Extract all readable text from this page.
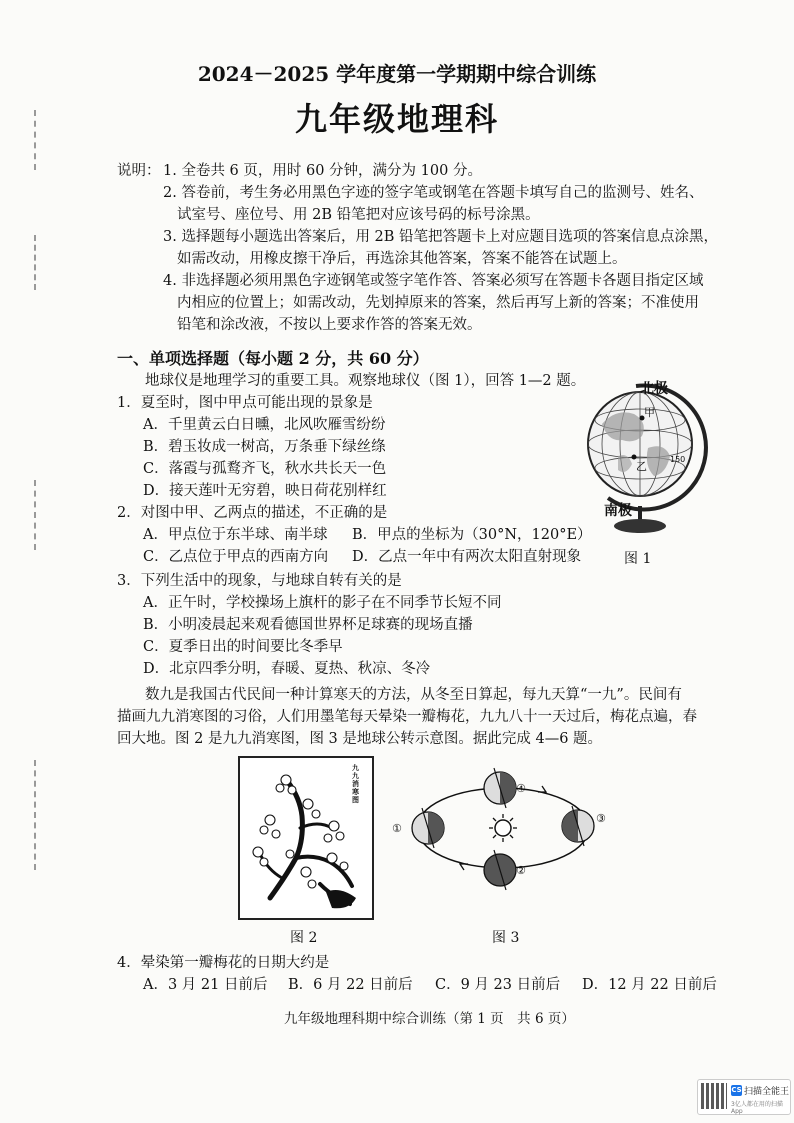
2024－2025 学年度第一学期期中综合训练
九年级地理科
说明： 1. 全卷共 6 页，用时 60 分钟，满分为 100 分。
2. 答卷前，考生务必用黑色字迹的签字笔或钢笔在答题卡填写自己的监测号、姓名、
试室号、座位号、用 2B 铅笔把对应该号码的标号涂黑。
3. 选择题每小题选出答案后，用 2B 铅笔把答题卡上对应题目选项的答案信息点涂黑，
如需改动，用橡皮擦干净后，再选涂其他答案，答案不能答在试题上。
4. 非选择题必须用黑色字迹钢笔或签字笔作答、答案必须写在答题卡各题目指定区域
内相应的位置上；如需改动，先划掉原来的答案，然后再写上新的答案；不准使用
铅笔和涂改液，不按以上要求作答的答案无效。
一、单项选择题（每小题 2 分，共 60 分）
地球仪是地理学习的重要工具。观察地球仪（图 1），回答 1—2 题。
1．夏至时，图中甲点可能出现的景象是
A．千里黄云白日曛，北风吹雁雪纷纷
B．碧玉妆成一树高，万条垂下绿丝绦
C．落霞与孤鹜齐飞，秋水共长天一色
D．接天莲叶无穷碧，映日荷花别样红
2．对图中甲、乙两点的描述，不正确的是
A．甲点位于东半球、南半球 B．甲点的坐标为（30°N，120°E）
C．乙点位于甲点的西南方向 D．乙点一年中有两次太阳直射现象
甲
乙
150
北极
南极
图 1
3．下列生活中的现象，与地球自转有关的是
A．正午时，学校操场上旗杆的影子在不同季节长短不同
B．小明凌晨起来观看德国世界杯足球赛的现场直播
C．夏季日出的时间要比冬季早
D．北京四季分明，春暖、夏热、秋凉、冬冷
数九是我国古代民间一种计算寒天的方法，从冬至日算起，每九天算“一九”。民间有
描画九九消寒图的习俗，人们用墨笔每天晕染一瓣梅花，九九八十一天过后，梅花点遍，春
回大地。图 2 是九九消寒图，图 3 是地球公转示意图。据此完成 4—6 题。
九九消寒图
图 2
①
②
③
④
图 3
4．晕染第一瓣梅花的日期大约是
A．3 月 21 日前后 B．6 月 22 日前后 C．9 月 23 日前后 D．12 月 22 日前后
九年级地理科期中综合训练（第 1 页　共 6 页）
CS 扫描全能王
3亿人都在用的扫描App
